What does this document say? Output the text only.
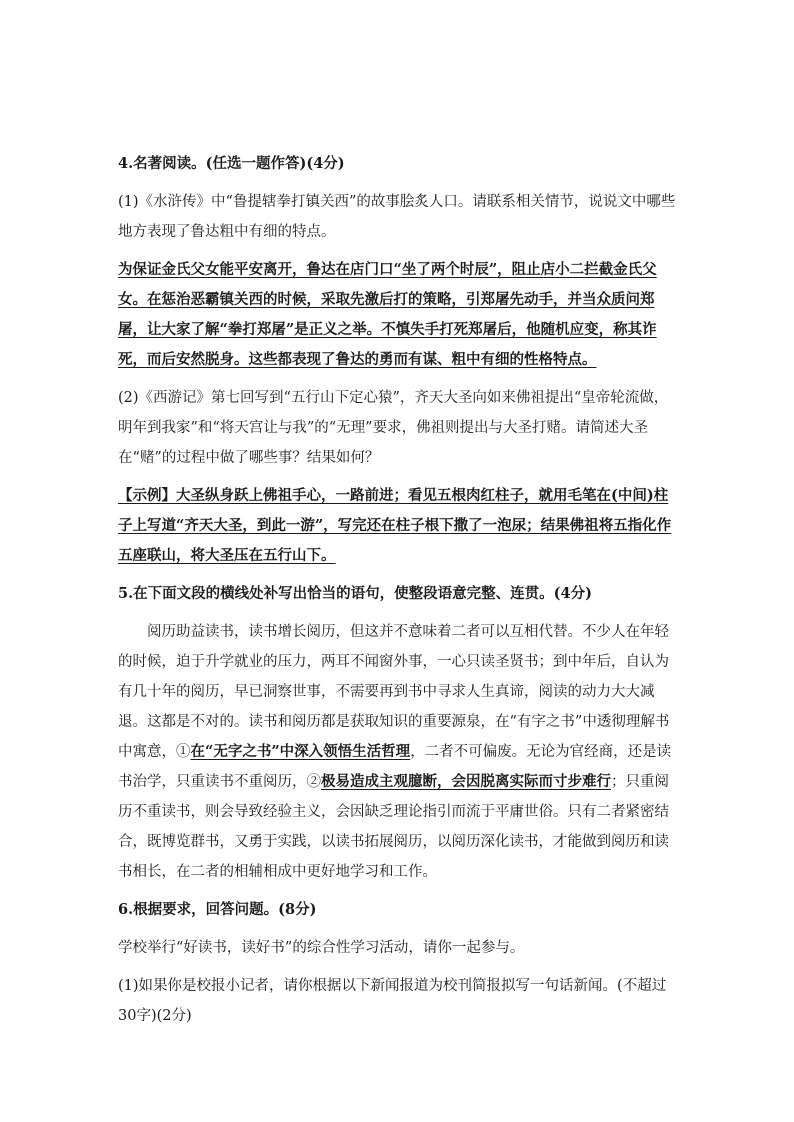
4.名著阅读。(任选一题作答)(4分)
(1)《水浒传》中“鲁提辖拳打镇关西”的故事脍炙人口。请联系相关情节，说说文中哪些地方表现了鲁达粗中有细的特点。
为保证金氏父女能平安离开，鲁达在店门口“坐了两个时辰”，阻止店小二拦截金氏父女。在惩治恶霸镇关西的时候，采取先激后打的策略，引郑屠先动手，并当众质问郑屠，让大家了解“拳打郑屠”是正义之举。不慎失手打死郑屠后，他随机应变，称其诈死，而后安然脱身。这些都表现了鲁达的勇而有谋、粗中有细的性格特点。
(2)《西游记》第七回写到“五行山下定心猿”，齐天大圣向如来佛祖提出“皇帝轮流做，明年到我家”和“将天宫让与我”的“无理”要求，佛祖则提出与大圣打赌。请简述大圣在“赌”的过程中做了哪些事？结果如何？
【示例】大圣纵身跃上佛祖手心，一路前进；看见五根肉红柱子，就用毛笔在(中间)柱子上写道“齐天大圣，到此一游”，写完还在柱子根下撒了一泡尿；结果佛祖将五指化作五座联山，将大圣压在五行山下。
5.在下面文段的横线处补写出恰当的语句，使整段语意完整、连贯。(4分)
阅历助益读书，读书增长阅历，但这并不意味着二者可以互相代替。不少人在年轻的时候，迫于升学就业的压力，两耳不闻窗外事，一心只读圣贤书；到中年后，自认为有几十年的阅历，早已洞察世事，不需要再到书中寻求人生真谛，阅读的动力大大减退。这都是不对的。读书和阅历都是获取知识的重要源泉，在“有字之书”中透彻理解书中寓意，①在“无字之书”中深入领悟生活哲理，二者不可偏废。无论为官经商，还是读书治学，只重读书不重阅历，②极易造成主观臆断，会因脱离实际而寸步难行；只重阅历不重读书，则会导致经验主义，会因缺乏理论指引而流于平庸世俗。只有二者紧密结合，既博览群书，又勇于实践，以读书拓展阅历，以阅历深化读书，才能做到阅历和读书相长，在二者的相辅相成中更好地学习和工作。
6.根据要求，回答问题。(8分)
学校举行“好读书，读好书”的综合性学习活动，请你一起参与。
(1)如果你是校报小记者，请你根据以下新闻报道为校刊简报拟写一句话新闻。(不超过30字)(2分)
